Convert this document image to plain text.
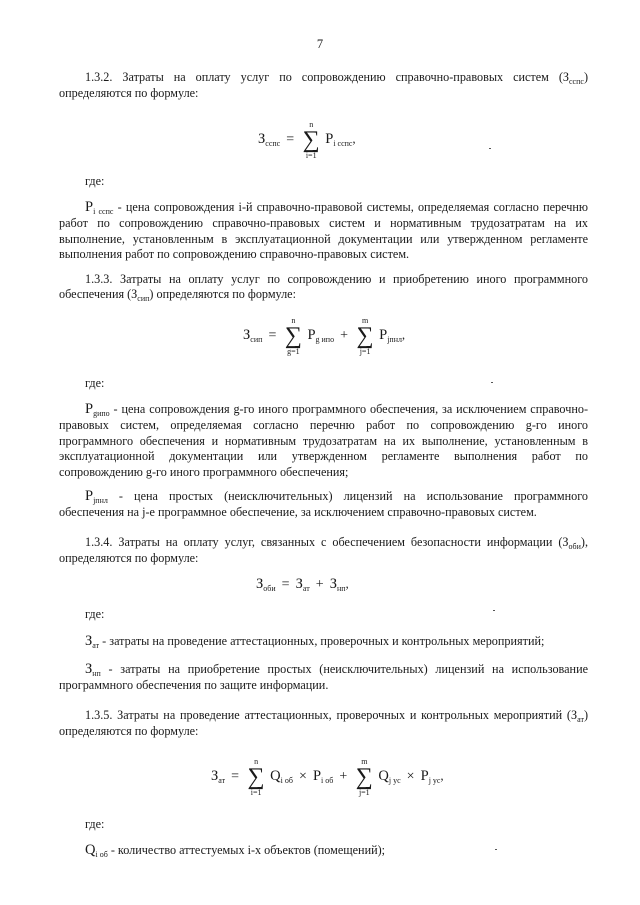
7

1.3.2. Затраты на оплату услуг по сопровождению справочно-правовых систем $(З_{сспс})$ определяются по формуле:

$З_{сспс}$ =
n
∑
i=1
$P_{i сспс}$,

где:

$P_{i сспс}$ - цена сопровождения i-й справочно-правовой системы, определяемая согласно перечню работ по сопровождению справочно-правовых систем и нормативным трудозатратам на их выполнение, установленным в эксплуатационной документации или утвержденном регламенте выполнения работ по сопровождению справочно-правовых систем.

1.3.3. Затраты на оплату услуг по сопровождению и приобретению иного программного обеспечения $(З_{сип})$ определяются по формуле:

$З_{сип}$ =
n
∑
g=1
$P_{g ипо}$ +
m
∑
j=1
$P_{jпнл}$,

где:

$P_{gипо}$ - цена сопровождения g-го иного программного обеспечения, за исключением справочно-правовых систем, определяемая согласно перечню работ по сопровождению g-го иного программного обеспечения и нормативным трудозатратам на их выполнение, установленным в эксплуатационной документации или утвержденном регламенте выполнения работ по сопровождению g-го иного программного обеспечения;

$P_{jпнл}$ - цена простых (неисключительных) лицензий на использование программного обеспечения на j-е программное обеспечение, за исключением справочно-правовых систем.

1.3.4. Затраты на оплату услуг, связанных с обеспечением безопасности информации $(З_{оби})$, определяются по формуле:

$З_{оби} = З_{ат} + З_{нп}$,

где:

$З_{ат}$ - затраты на проведение аттестационных, проверочных и контрольных мероприятий;

$З_{нп}$ - затраты на приобретение простых (неисключительных) лицензий на использование программного обеспечения по защите информации.

1.3.5. Затраты на проведение аттестационных, проверочных и контрольных мероприятий $(З_{ат})$ определяются по формуле:

$З_{ат}$ =
n
∑
i=1
$Q_{i об} \times P_{i об}$ +
m
∑
j=1
$Q_{j ус} \times P_{j ус}$,

где:

$Q_{i об}$ - количество аттестуемых i-х объектов (помещений);
